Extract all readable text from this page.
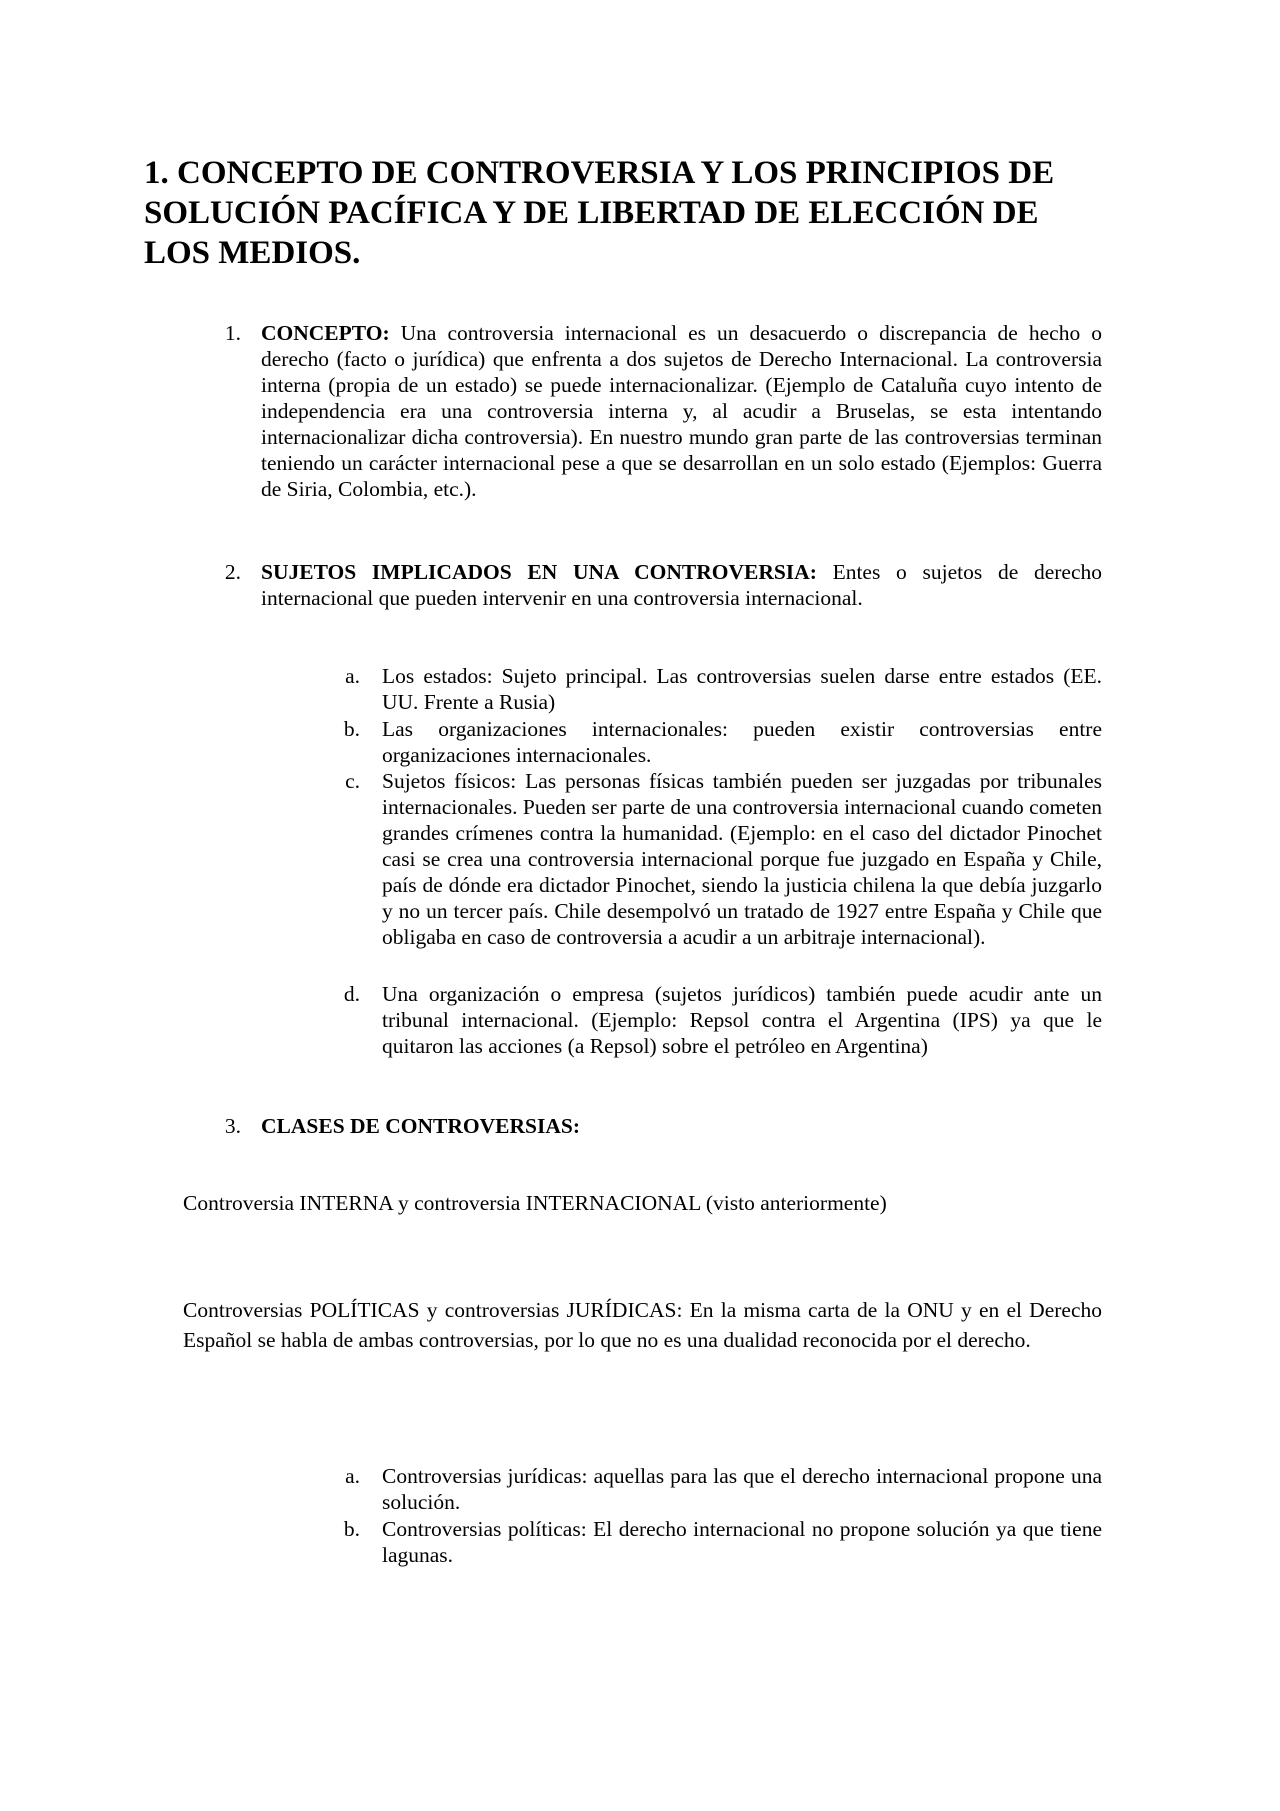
1. CONCEPTO DE CONTROVERSIA Y LOS PRINCIPIOS DE SOLUCIÓN PACÍFICA Y DE LIBERTAD DE ELECCIÓN DE LOS MEDIOS.
1. CONCEPTO: Una controversia internacional es un desacuerdo o discrepancia de hecho o derecho (facto o jurídica) que enfrenta a dos sujetos de Derecho Internacional. La controversia interna (propia de un estado) se puede internacionalizar. (Ejemplo de Cataluña cuyo intento de independencia era una controversia interna y, al acudir a Bruselas, se esta intentando internacionalizar dicha controversia). En nuestro mundo gran parte de las controversias terminan teniendo un carácter internacional pese a que se desarrollan en un solo estado (Ejemplos: Guerra de Siria, Colombia, etc.).

2. SUJETOS IMPLICADOS EN UNA CONTROVERSIA: Entes o sujetos de derecho internacional que pueden intervenir en una controversia internacional.

a. Los estados: Sujeto principal. Las controversias suelen darse entre estados (EE. UU. Frente a Rusia)

b. Las organizaciones internacionales: pueden existir controversias entre organizaciones internacionales.

c. Sujetos físicos: Las personas físicas también pueden ser juzgadas por tribunales internacionales. Pueden ser parte de una controversia internacional cuando cometen grandes crímenes contra la humanidad. (Ejemplo: en el caso del dictador Pinochet casi se crea una controversia internacional porque fue juzgado en España y Chile, país de dónde era dictador Pinochet, siendo la justicia chilena la que debía juzgarlo y no un tercer país. Chile desempolvó un tratado de 1927 entre España y Chile que obligaba en caso de controversia a acudir a un arbitraje internacional).

d. Una organización o empresa (sujetos jurídicos) también puede acudir ante un tribunal internacional. (Ejemplo: Repsol contra el Argentina (IPS) ya que le quitaron las acciones (a Repsol) sobre el petróleo en Argentina)

3. CLASES DE CONTROVERSIAS:

Controversia INTERNA y controversia INTERNACIONAL (visto anteriormente)

Controversias POLÍTICAS y controversias JURÍDICAS: En la misma carta de la ONU y en el Derecho Español se habla de ambas controversias, por lo que no es una dualidad reconocida por el derecho.

a. Controversias jurídicas: aquellas para las que el derecho internacional propone una solución.

b. Controversias políticas: El derecho internacional no propone solución ya que tiene lagunas.
